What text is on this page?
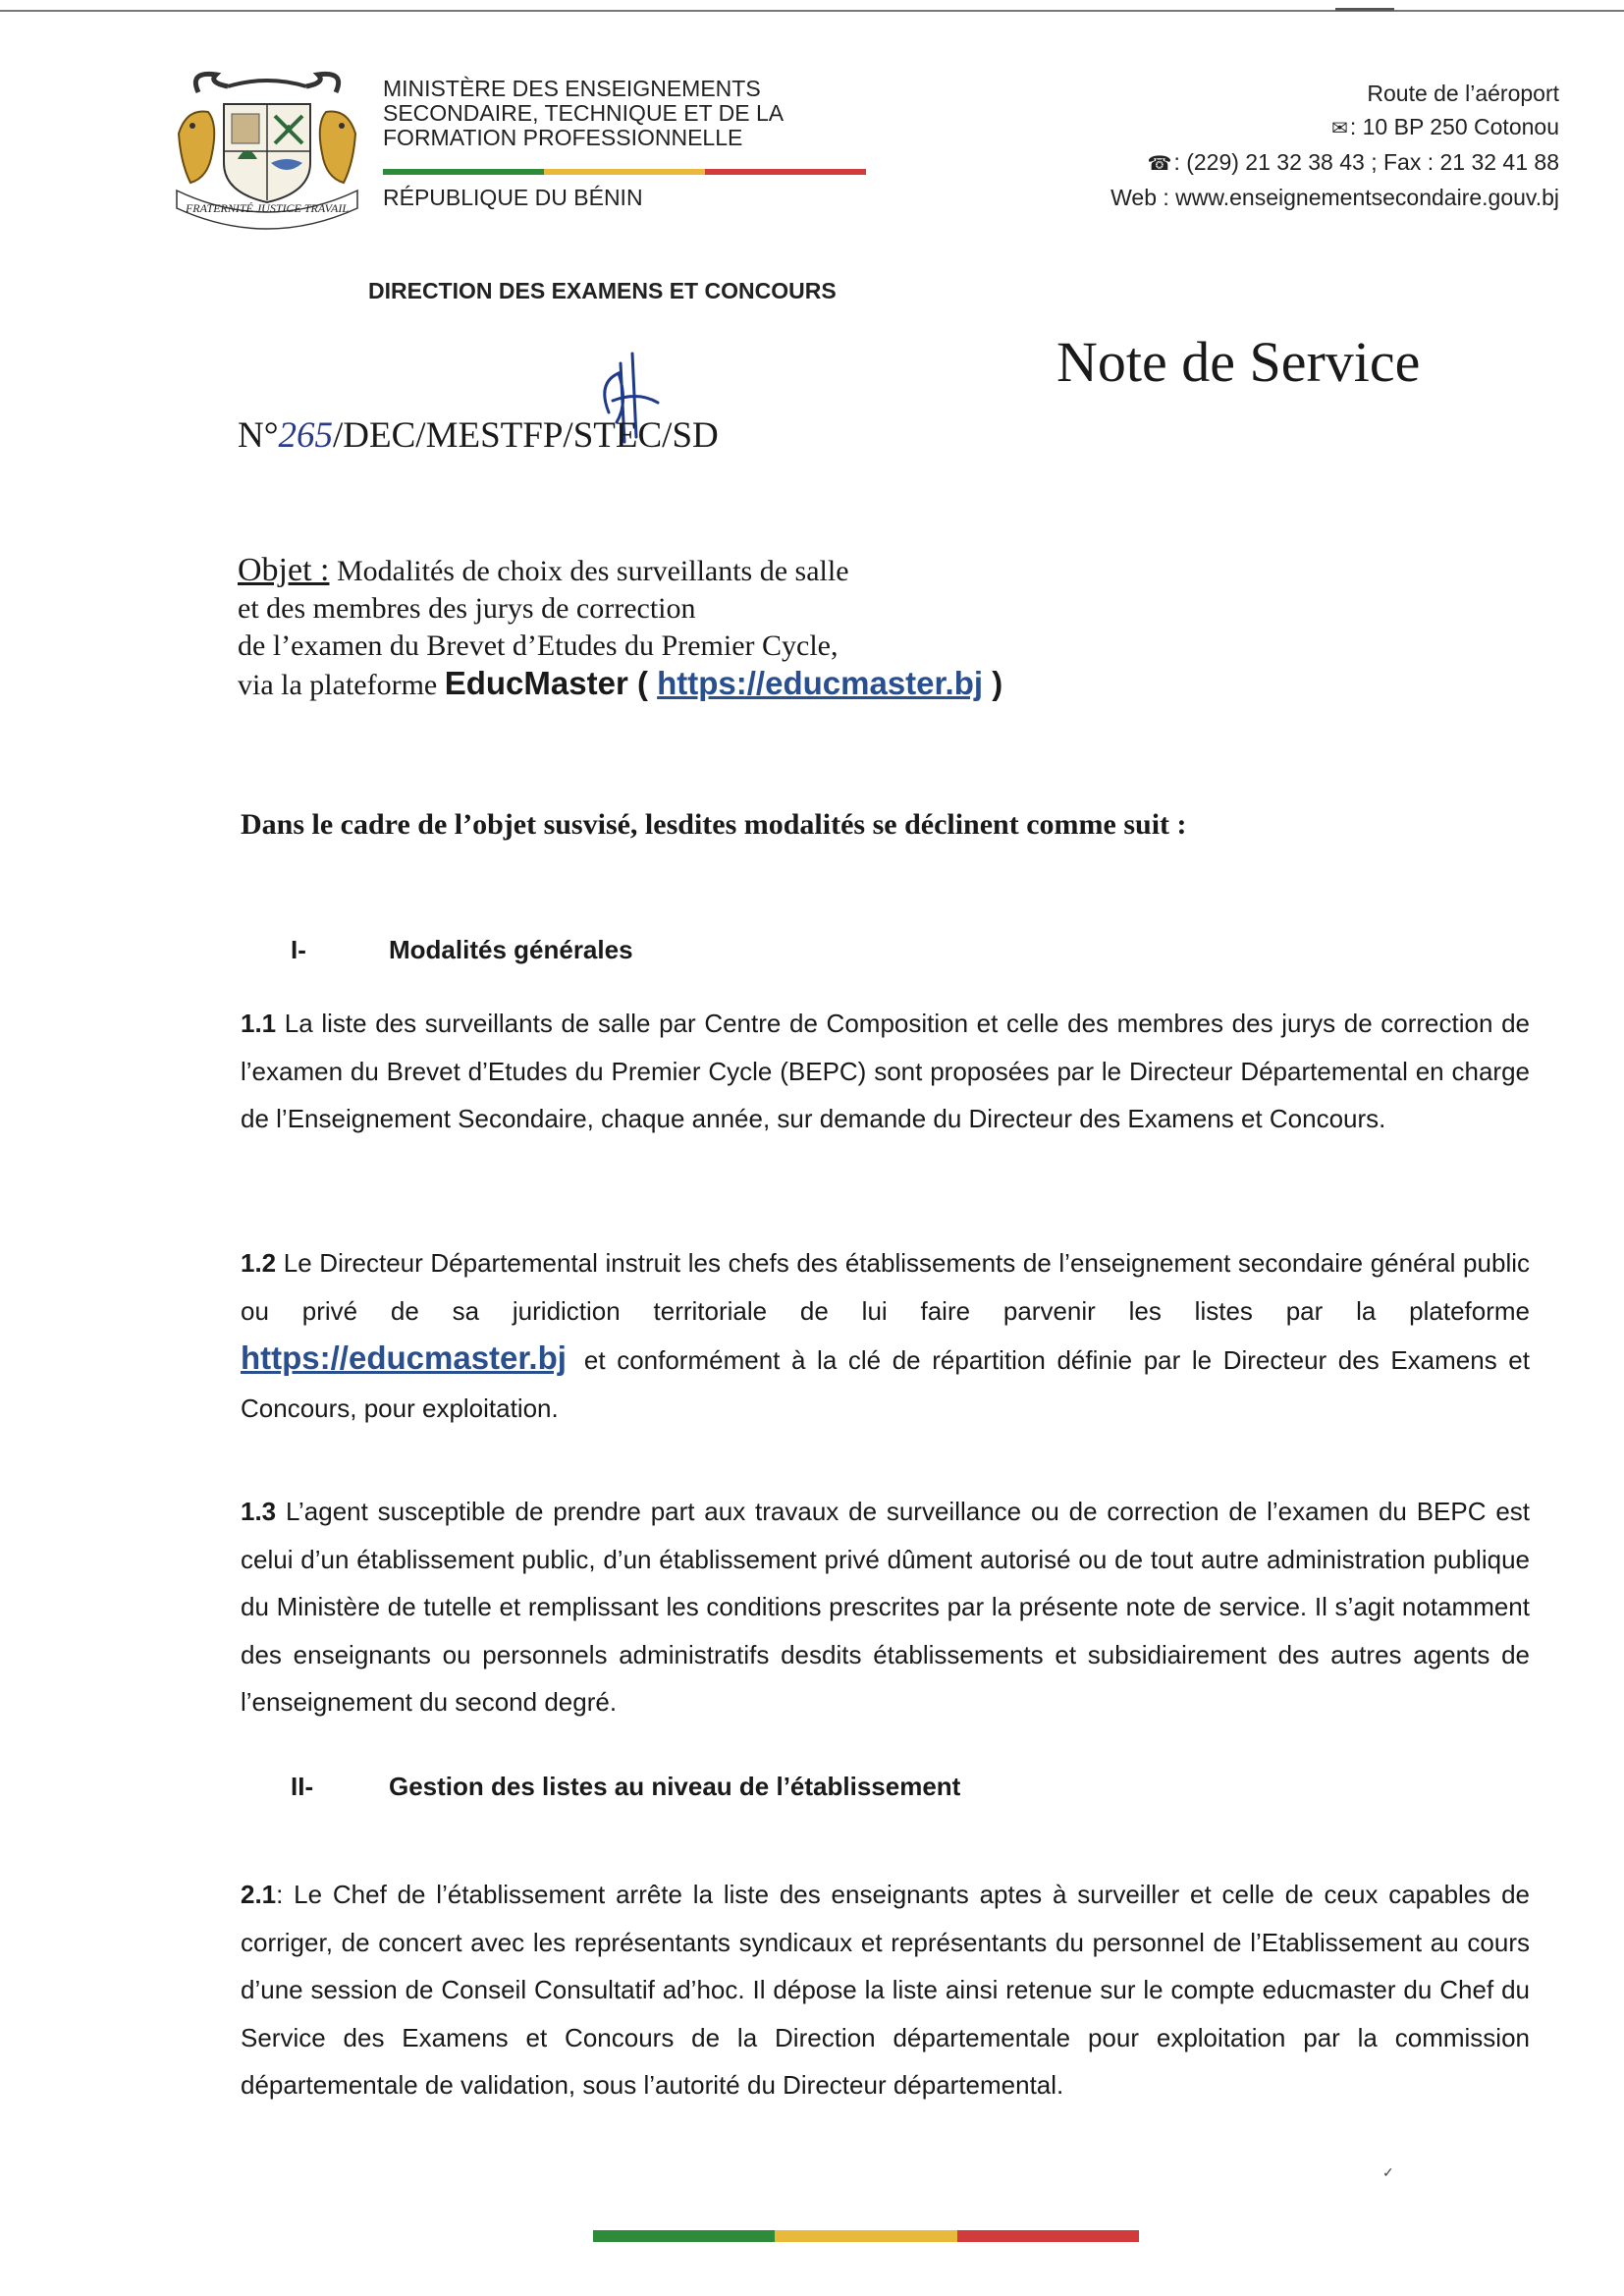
FRATERNITÉ JUSTICE TRAVAIL
MINISTÈRE DES ENSEIGNEMENTS
SECONDAIRE, TECHNIQUE ET DE LA
FORMATION PROFESSIONNELLE
RÉPUBLIQUE DU BÉNIN
Route de l’aéroport
✉: 10 BP 250 Cotonou
☎: (229) 21 32 38 43 ; Fax : 21 32 41 88
Web : www.enseignementsecondaire.gouv.bj
DIRECTION DES EXAMENS ET CONCOURS
Note de Service
N°265/DEC/MESTFP/STEC/SD
Objet : Modalités de choix des surveillants de salle
et des membres des jurys de correction
de l’examen du Brevet d’Etudes du Premier Cycle,
via la plateforme EducMaster ( https://educmaster.bj )
Dans le cadre de l’objet susvisé, lesdites modalités se déclinent comme suit :
I-	Modalités générales
1.1 La liste des surveillants de salle par Centre de Composition et celle des membres des jurys de correction de l’examen du Brevet d’Etudes du Premier Cycle (BEPC) sont proposées par le Directeur Départemental en charge de l’Enseignement Secondaire, chaque année, sur demande du Directeur des Examens et Concours.
1.2 Le Directeur Départemental instruit les chefs des établissements de l’enseignement secondaire général public ou privé de sa juridiction territoriale de lui faire parvenir les listes par la plateforme https://educmaster.bj et conformément à la clé de répartition définie par le Directeur des Examens et Concours, pour exploitation.
1.3 L’agent susceptible de prendre part aux travaux de surveillance ou de correction de l’examen du BEPC est celui d’un établissement public, d’un établissement privé dûment autorisé ou de tout autre administration publique du Ministère de tutelle et remplissant les conditions prescrites par la présente note de service. Il s’agit notamment des enseignants ou personnels administratifs desdits établissements et subsidiairement des autres agents de l’enseignement du second degré.
II-	Gestion des listes au niveau de l’établissement
2.1: Le Chef de l’établissement arrête la liste des enseignants aptes à surveiller et celle de ceux capables de corriger, de concert avec les représentants syndicaux et représentants du personnel de l’Etablissement au cours d’une session de Conseil Consultatif ad’hoc. Il dépose la liste ainsi retenue sur le compte educmaster du Chef du Service des Examens et Concours de la Direction départementale pour exploitation par la commission départementale de validation, sous l’autorité du Directeur départemental.
✓
